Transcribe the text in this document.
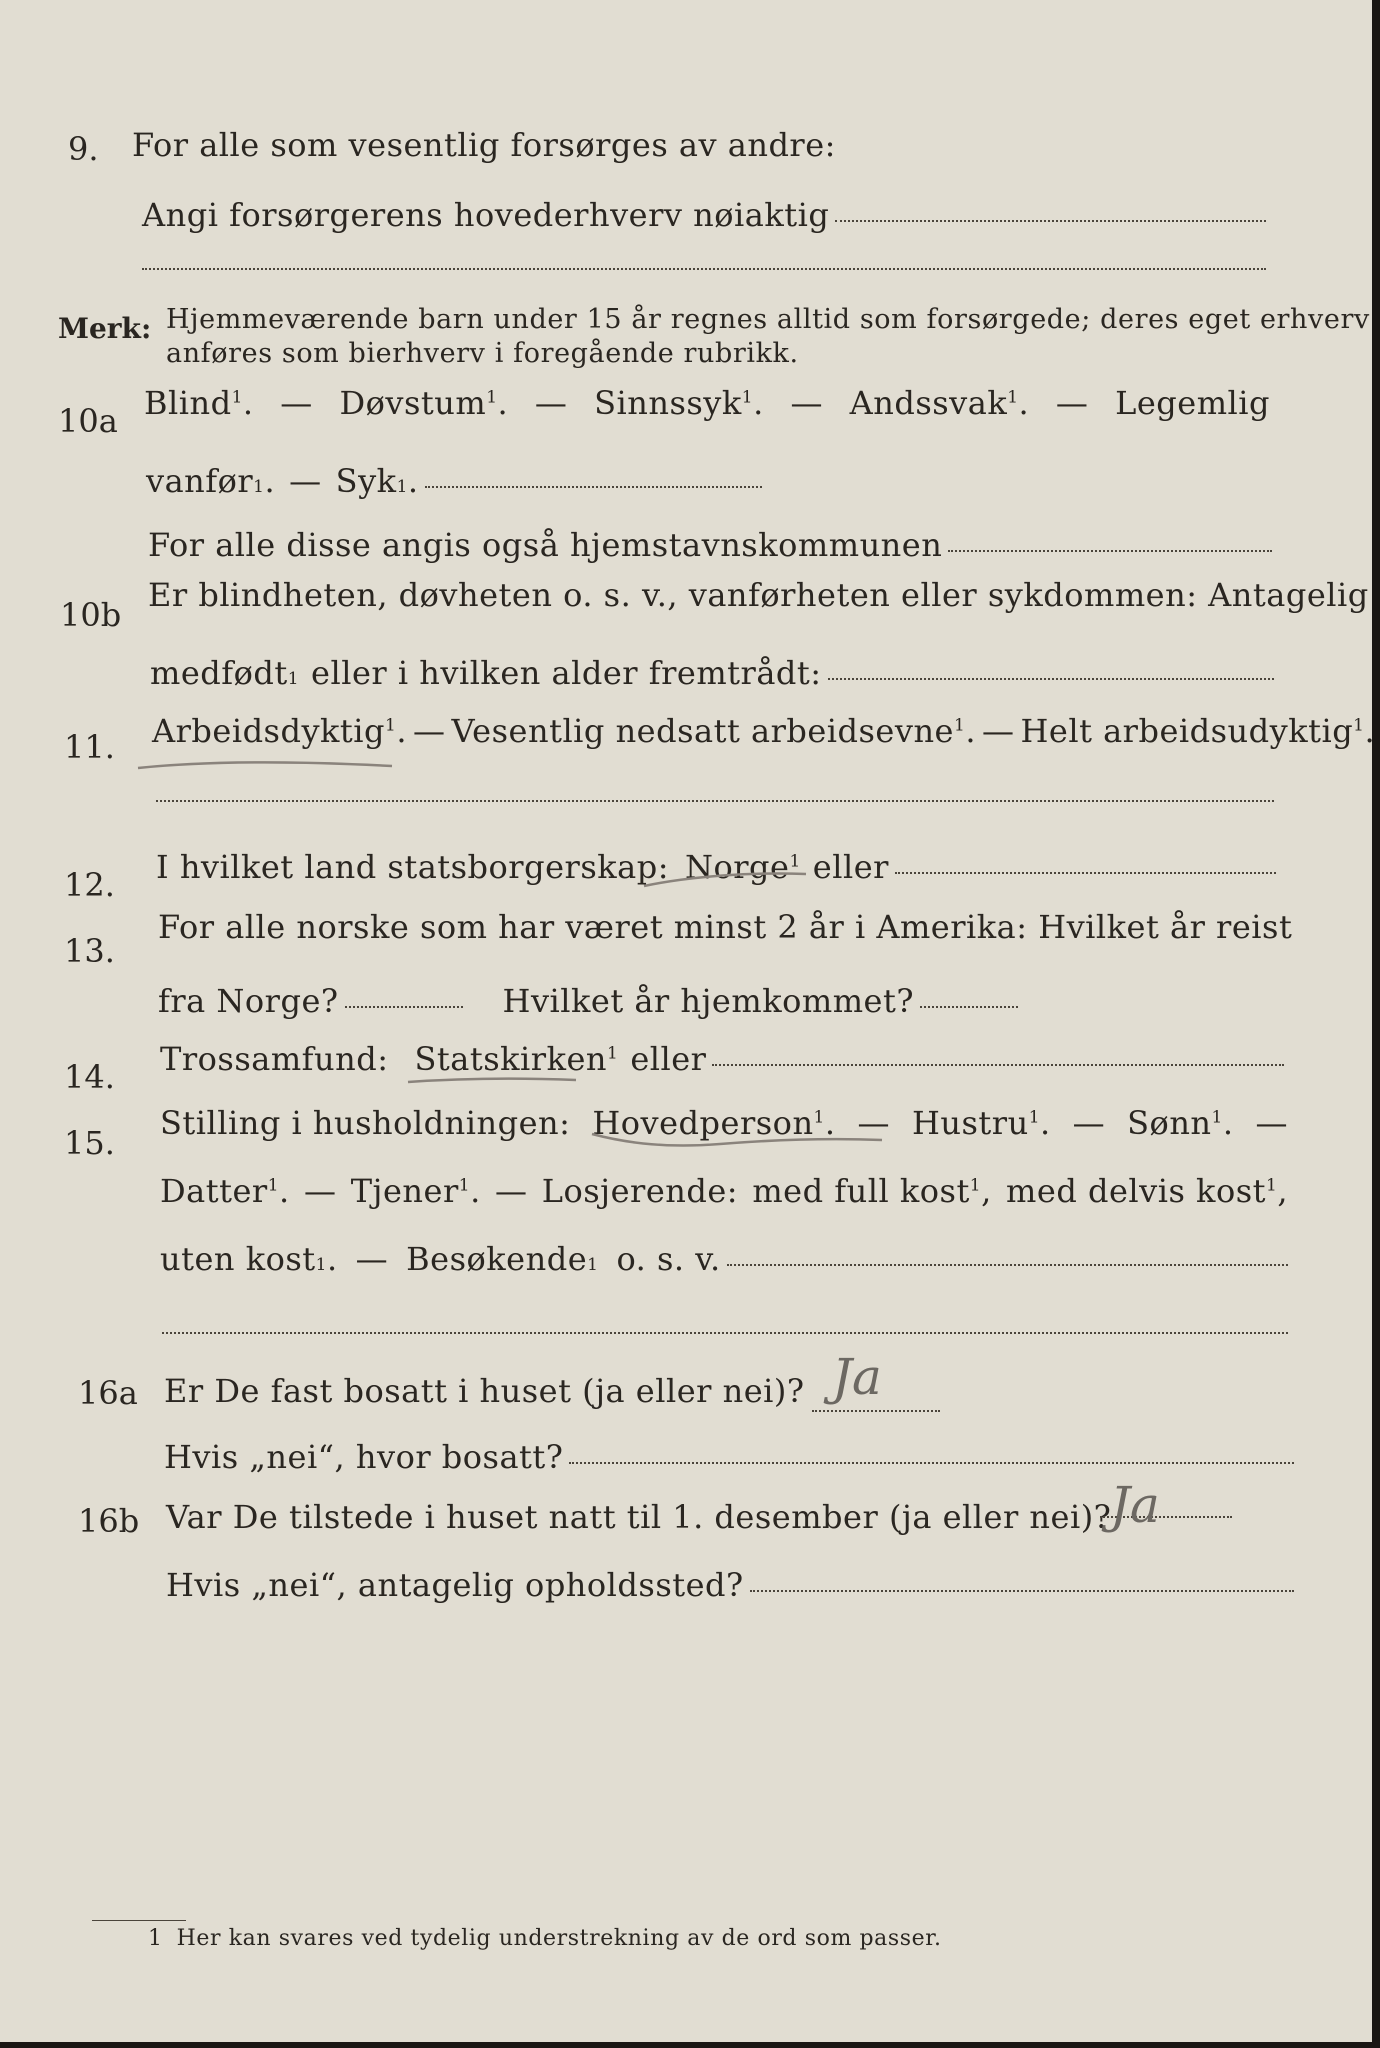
9. For alle som vesentlig forsørges av andre:
Angi forsørgerens hovederhverv nøiaktig
Merk: Hjemmeværende barn under 15 år regnes alltid som forsørgede; deres eget erhverv
anføres som bierhverv i foregående rubrikk.
10a Blind$^1$. — Døvstum$^1$. — Sinnssyk$^1$. — Andssvak$^1$. — Legemlig
vanfør 1 . — Syk 1 .
For alle disse angis også hjemstavnskommunen
10b
Er blindheten, døvheten o. s. v., vanførheten eller sykdommen: Antagelig
medfødt 1 eller i hvilken alder fremtrådt:
11. Arbeidsdyktig$^1$. — Vesentlig nedsatt arbeidsevne$^1$. — Helt arbeidsudyktig$^1$.
12. I hvilket land statsborgerskap: Norge$^1$ eller
13.
For alle norske som har været minst 2 år i Amerika: Hvilket år reist
fra Norge?	Hvilket år hjemkommet?
14. Trossamfund: Statskirken$^1$ eller
15.
Stilling i husholdningen: Hovedperson$^1$. — Hustru$^1$. — Sønn$^1$. —
Datter$^1$. — Tjener$^1$. — Losjerende: med full kost$^1$, med delvis kost$^1$,
uten kost 1 . — Besøkende 1 o. s. v.
16a Er De fast bosatt i huset (ja eller nei)? Ja
Hvis „nei“, hvor bosatt?
16b Var De tilstede i huset natt til 1. desember (ja eller nei)?
Ja
Hvis „nei“, antagelig opholdssted?
1 Her kan svares ved tydelig understrekning av de ord som passer.
